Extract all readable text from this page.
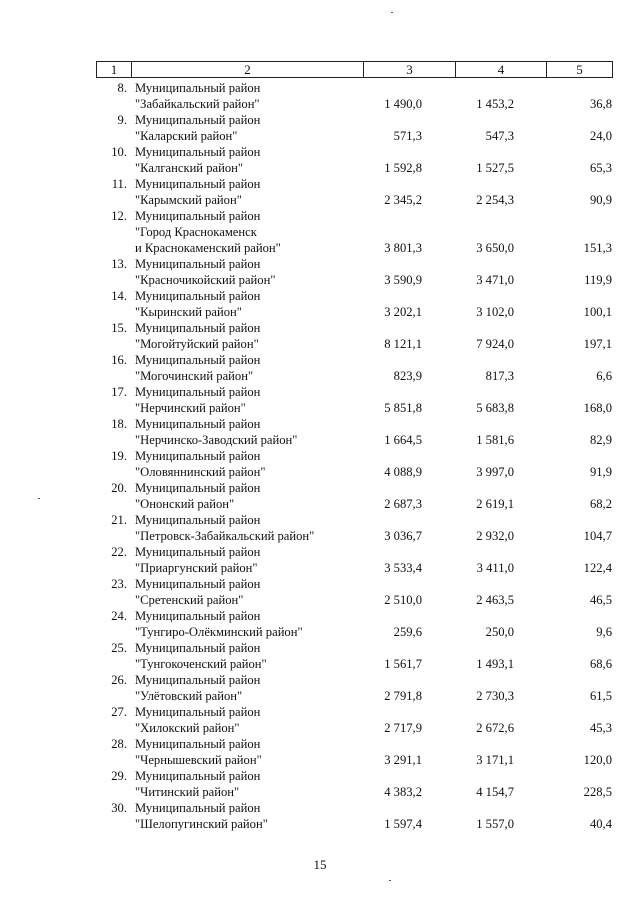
1	2	3	4	5
8. Муниципальный район
"Забайкальский район"	1 490,0	1 453,2	36,8
9. Муниципальный район
"Каларский район"	571,3	547,3	24,0
10. Муниципальный район
"Калганский район"	1 592,8	1 527,5	65,3
11. Муниципальный район
"Карымский район"	2 345,2	2 254,3	90,9
12. Муниципальный район
"Город Краснокаменск
и Краснокаменский район"	3 801,3	3 650,0	151,3
13. Муниципальный район
"Красночикойский район"	3 590,9	3 471,0	119,9
14. Муниципальный район
"Кыринский район"	3 202,1	3 102,0	100,1
15. Муниципальный район
"Могойтуйский район"	8 121,1	7 924,0	197,1
16. Муниципальный район
"Могочинский район"	823,9	817,3	6,6
17. Муниципальный район
"Нерчинский район"	5 851,8	5 683,8	168,0
18. Муниципальный район
"Нерчинско-Заводский район"	1 664,5	1 581,6	82,9
19. Муниципальный район
"Оловяннинский район"	4 088,9	3 997,0	91,9
20. Муниципальный район
"Ононский район"	2 687,3	2 619,1	68,2
21. Муниципальный район
"Петровск-Забайкальский район"	3 036,7	2 932,0	104,7
22. Муниципальный район
"Приаргунский район"	3 533,4	3 411,0	122,4
23. Муниципальный район
"Сретенский район"	2 510,0	2 463,5	46,5
24. Муниципальный район
"Тунгиро-Олёкминский район"	259,6	250,0	9,6
25. Муниципальный район
"Тунгокоченский район"	1 561,7	1 493,1	68,6
26. Муниципальный район
"Улётовский район"	2 791,8	2 730,3	61,5
27. Муниципальный район
"Хилокский район"	2 717,9	2 672,6	45,3
28. Муниципальный район
"Чернышевский район"	3 291,1	3 171,1	120,0
29. Муниципальный район
"Читинский район"	4 383,2	4 154,7	228,5
30. Муниципальный район
"Шелопугинский район"	1 597,4	1 557,0	40,4
15
